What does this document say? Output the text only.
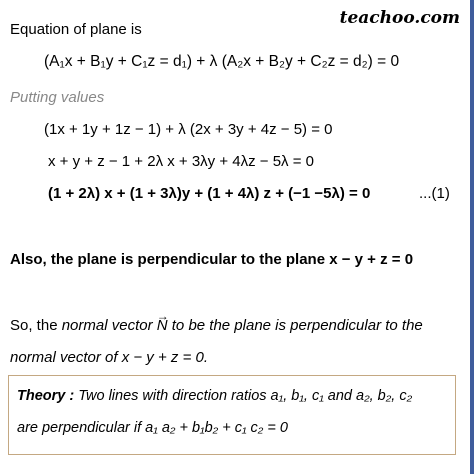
teachoo.com
Equation of plane is
(A₁x + B₁y + C₁z = d₁) + λ (A₂x + B₂y + C₂z = d₂) = 0
Putting values
(1x + 1y + 1z − 1) + λ (2x + 3y + 4z − 5) = 0
x + y + z − 1 + 2λ x + 3λy + 4λz − 5λ = 0
(1 + 2λ) x + (1 + 3λ)y + (1 + 4λ) z + (−1 −5λ) = 0	...(1)
Also, the plane is perpendicular to the plane x − y + z = 0
So, the normal vector → N to be the plane is perpendicular to the
normal vector of x − y + z = 0.
Theory : Two lines with direction ratios a₁, b₁, c₁ and a₂, b₂, c₂
are perpendicular if a₁ a₂ + b₁b₂ + c₁ c₂ = 0
